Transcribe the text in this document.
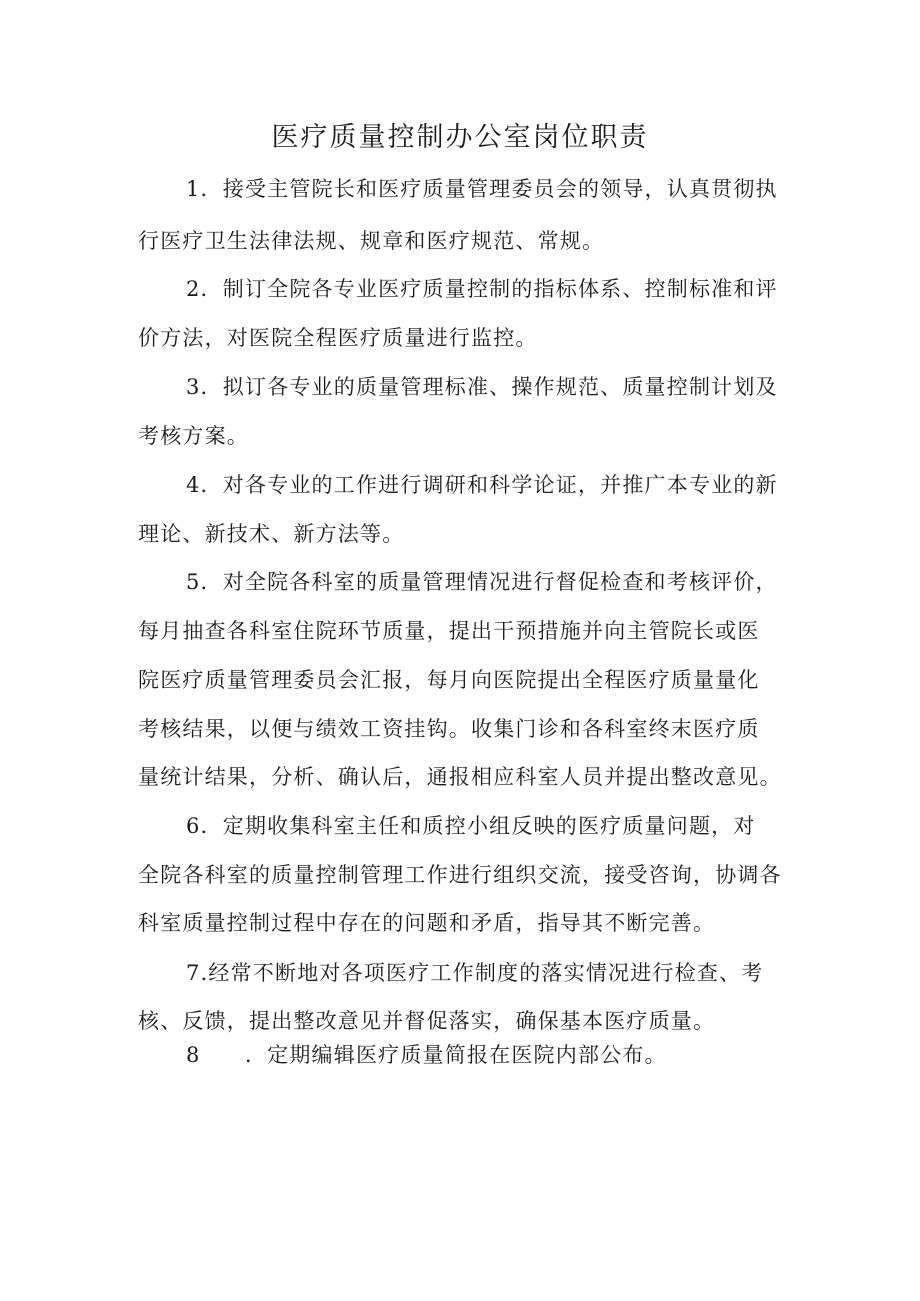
医疗质量控制办公室岗位职责

1．接受主管院长和医疗质量管理委员会的领导，认真贯彻执

行医疗卫生法律法规、规章和医疗规范、常规。

2．制订全院各专业医疗质量控制的指标体系、控制标准和评

价方法，对医院全程医疗质量进行监控。

3．拟订各专业的质量管理标准、操作规范、质量控制计划及

考核方案。

4．对各专业的工作进行调研和科学论证，并推广本专业的新

理论、新技术、新方法等。

5．对全院各科室的质量管理情况进行督促检查和考核评价，

每月抽查各科室住院环节质量，提出干预措施并向主管院长或医

院医疗质量管理委员会汇报，每月向医院提出全程医疗质量量化

考核结果，以便与绩效工资挂钩。收集门诊和各科室终末医疗质

量统计结果，分析、确认后，通报相应科室人员并提出整改意见。

6．定期收集科室主任和质控小组反映的医疗质量问题，对

全院各科室的质量控制管理工作进行组织交流，接受咨询，协调各

科室质量控制过程中存在的问题和矛盾，指导其不断完善。

7.经常不断地对各项医疗工作制度的落实情况进行检查、考

核、反馈，提出整改意见并督促落实，确保基本医疗质量。

8　　．定期编辑医疗质量简报在医院内部公布。
